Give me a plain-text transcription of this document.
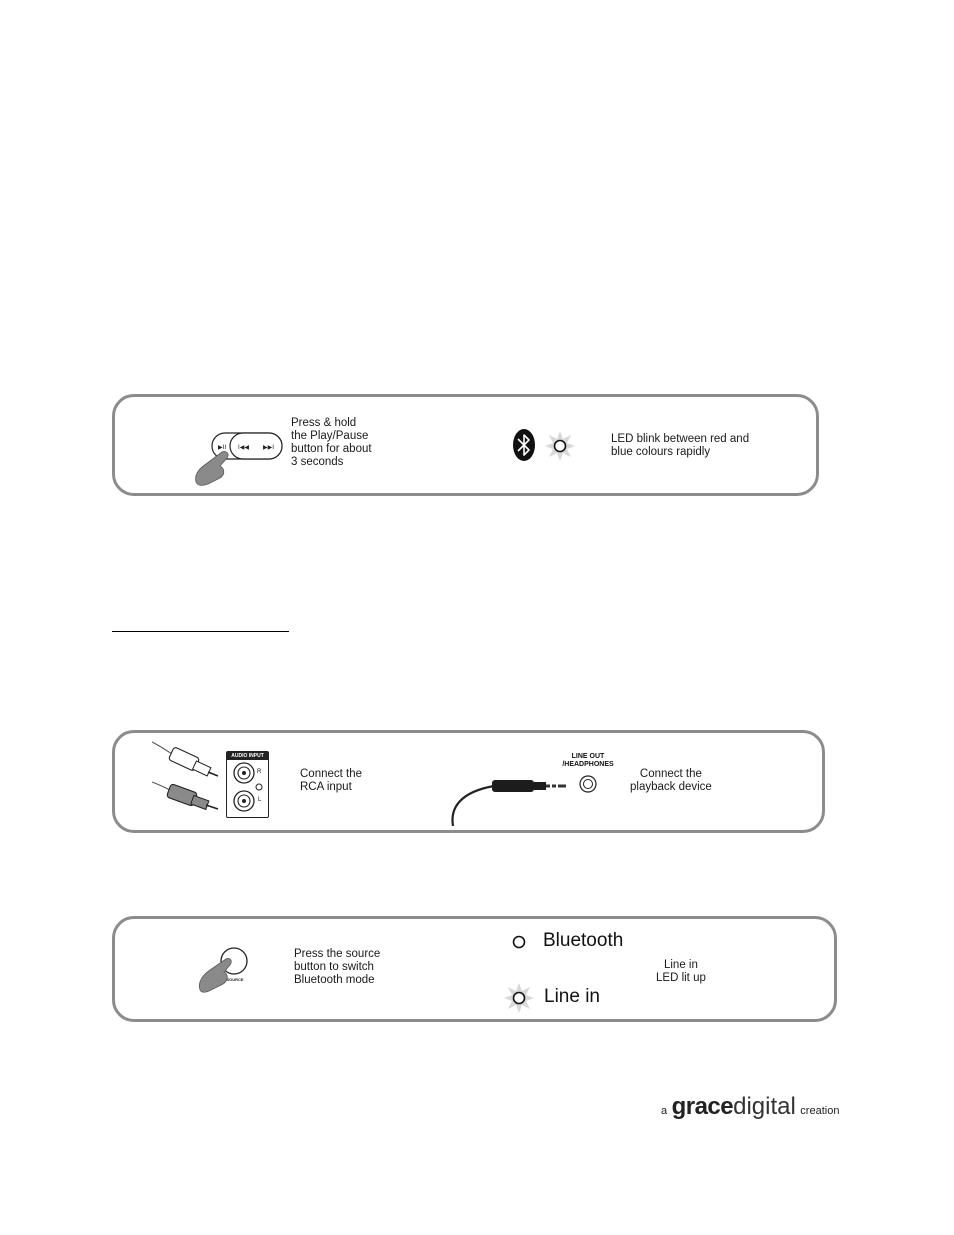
▶II I◀◀ ▶▶I
Press & hold
the Play/Pause
button for about
3 seconds
LED blink between red and
blue colours rapidly
AUDIO INPUT
R
L
Connect the
RCA input
LINE OUT /HEADPHONES
Connect the
playback device
SOURCE
Press the source
button to switch
Bluetooth mode
Bluetooth
Line in
LED lit up
Line in
a gracedigital creation
